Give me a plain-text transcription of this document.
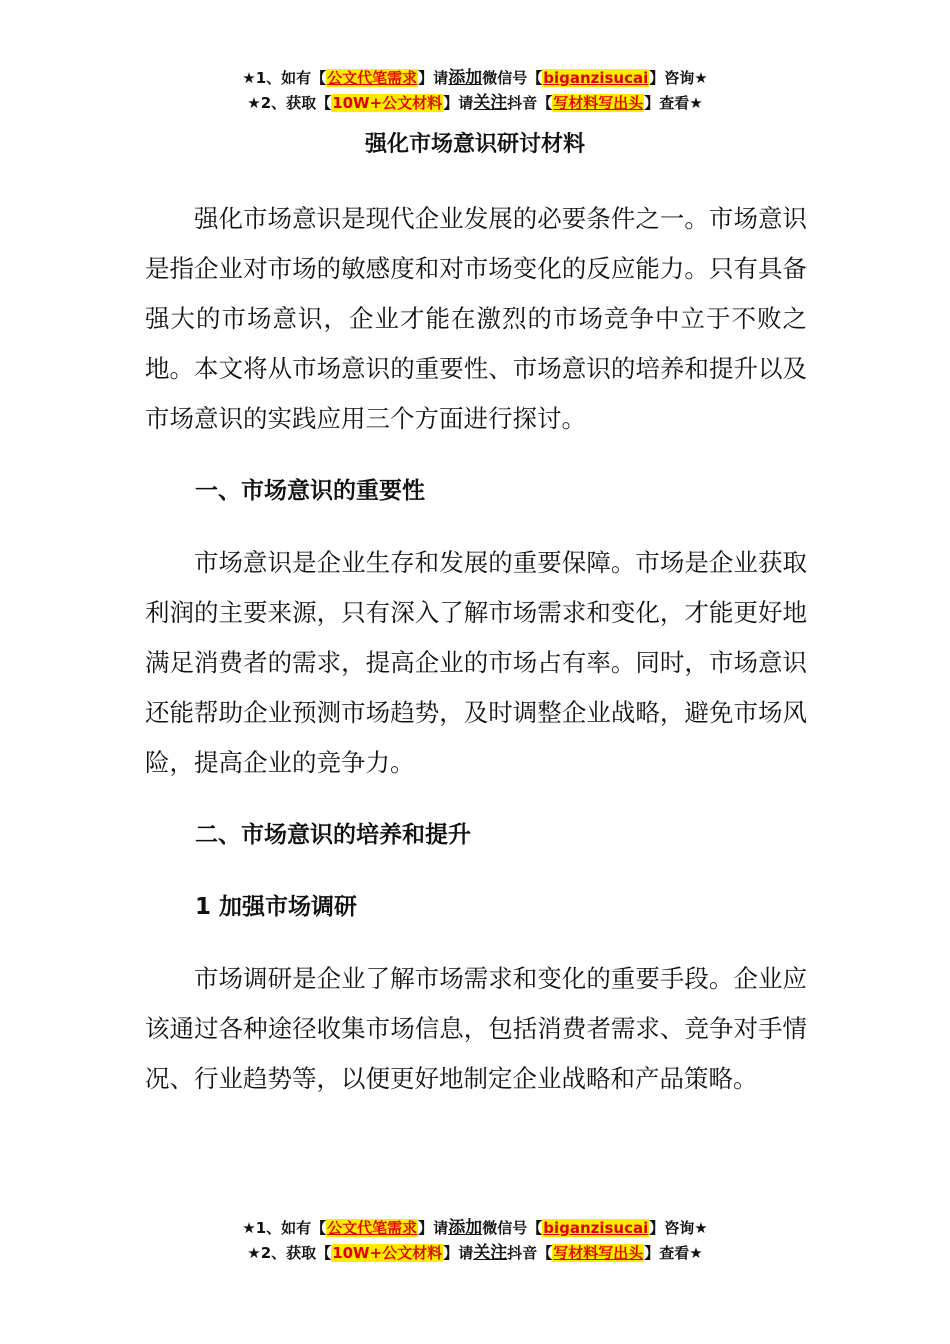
★1、如有【公文代笔需求】请添加微信号【biganzisucai】咨询★
★2、获取【10W+公文材料】请关注抖音【写材料写出头】查看★
强化市场意识研讨材料

强化市场意识是现代企业发展的必要条件之一。市场意识是指企业对市场的敏感度和对市场变化的反应能力。只有具备强大的市场意识，企业才能在激烈的市场竞争中立于不败之地。本文将从市场意识的重要性、市场意识的培养和提升以及市场意识的实践应用三个方面进行探讨。

一、市场意识的重要性

市场意识是企业生存和发展的重要保障。市场是企业获取利润的主要来源，只有深入了解市场需求和变化，才能更好地满足消费者的需求，提高企业的市场占有率。同时，市场意识还能帮助企业预测市场趋势，及时调整企业战略，避免市场风险，提高企业的竞争力。

二、市场意识的培养和提升
1 加强市场调研

市场调研是企业了解市场需求和变化的重要手段。企业应该通过各种途径收集市场信息，包括消费者需求、竞争对手情况、行业趋势等，以便更好地制定企业战略和产品策略。

★1、如有【公文代笔需求】请添加微信号【biganzisucai】咨询★
★2、获取【10W+公文材料】请关注抖音【写材料写出头】查看★
